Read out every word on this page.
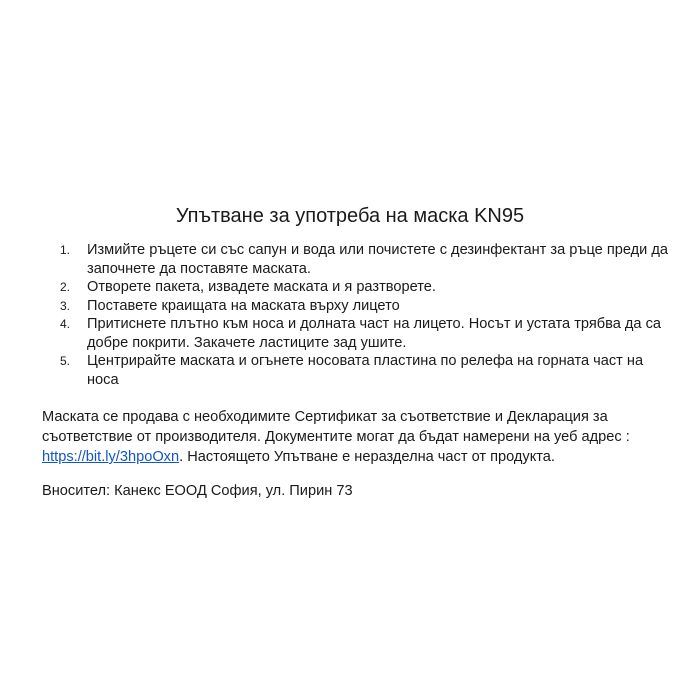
Упътване за употреба на маска KN95
1.	Измийте ръцете си със сапун и вода или почистете с дезинфектант за ръце преди да започнете да поставяте маската.
2.	Отворете пакета, извадете маската и я разтворете.
3.	Поставете краищата на маската върху лицето
4.	Притиснете плътно към носа и долната част на лицето. Носът и устата трябва да са добре покрити. Закачете ластиците зад ушите.
5.	Центрирайте маската и огънете носовата пластина по релефа на горната част на носа

Маската се продава с необходимите Сертификат за съответствие и Декларация за съответствие от производителя. Документите могат да бъдат намерени на уеб адрес : https://bit.ly/3hpoOxn. Настоящето Упътване е неразделна част от продукта.

Вносител: Канекс ЕООД София, ул. Пирин 73
